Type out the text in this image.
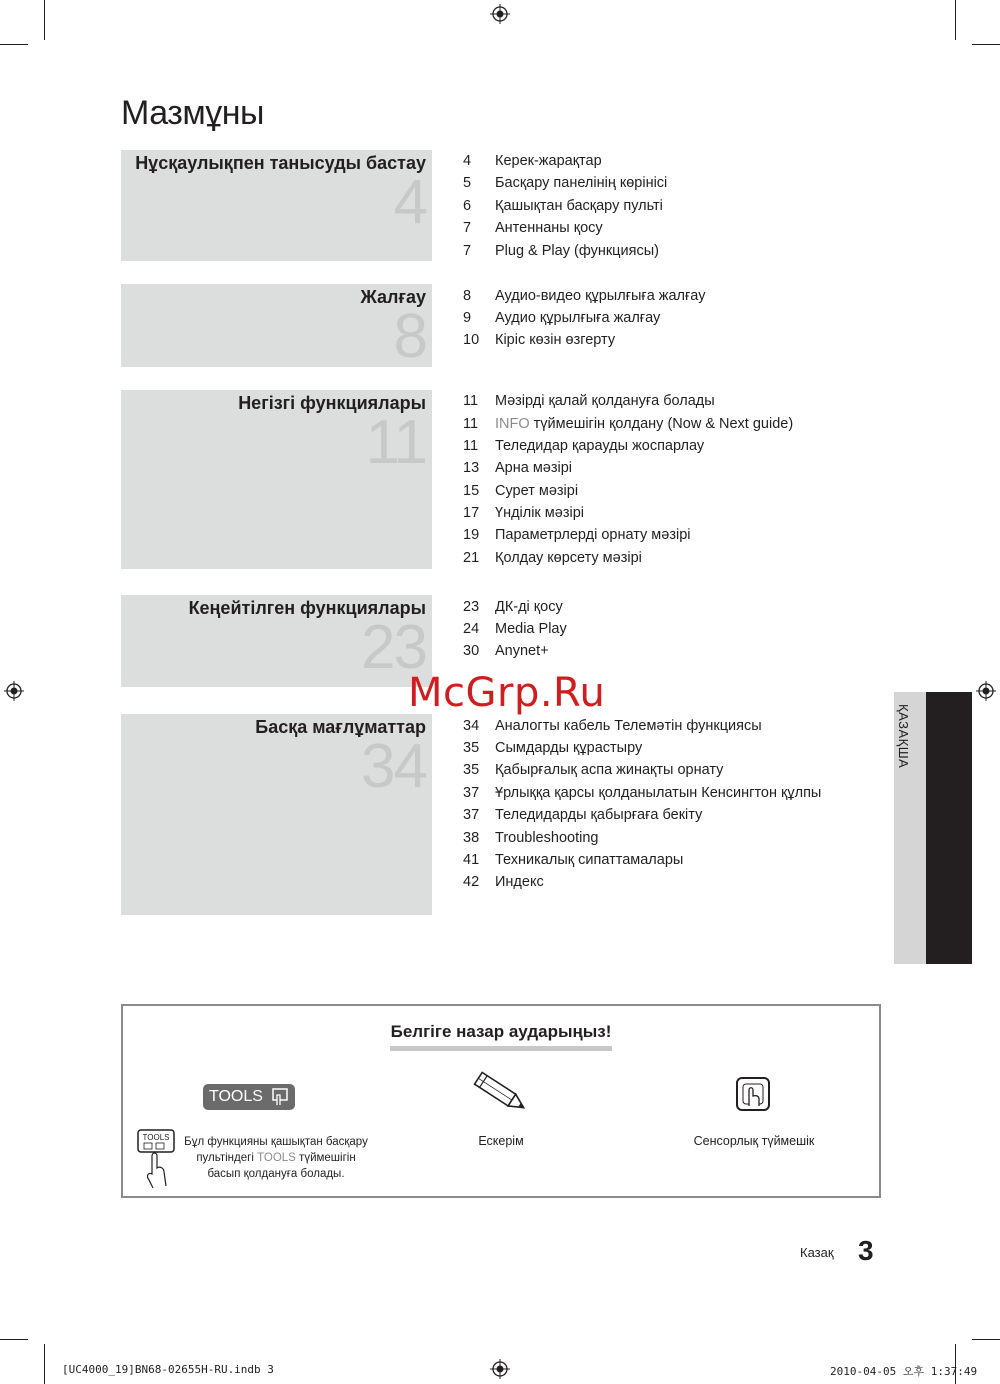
Мазмұны
Нұсқаулықпен танысуды бастау
4
Жалғау
8
Негізгі функциялары
11
Кеңейтілген функциялары
23
Басқа мағлұматтар
34
4 Керек-жарақтар
5 Басқару панелінің көрінісі
6 Қашықтан басқару пульті
7 Антеннаны қосу
7 Plug & Play (функциясы)
8 Аудио-видео құрылғыға жалғау
9 Аудио құрылғыға жалғау
10 Кіріс көзін өзгерту
11 Мәзірді қалай қолдануға болады
11 INFO түймешігін қолдану (Now & Next guide)
11 Теледидар қарауды жоспарлау
13 Арна мәзірі
15 Сурет мәзірі
17 Үнділік мәзірі
19 Параметрлерді орнату мәзірі
21 Қолдау көрсету мәзірі
23 ДК-ді қосу
24 Media Play
30 Anynet+
34 Аналогты кабель Телемәтін функциясы
35 Сымдарды құрастыру
35 Қабырғалық аспа жинақты орнату
37 Ұрлыққа қарсы қолданылатын Кенсингтон құлпы
37 Теледидарды қабырғаға бекіту
38 Troubleshooting
41 Техникалық сипаттамалары
42 Индекс
McGrp.Ru
ҚАЗАҚША
Белгіге назар аударыңыз!
TOOLS
TOOLS Бұл функцияны қашықтан басқару
пультіндегі TOOLS түймешігін
басып қолдануға болады.
Ескерім	Сенсорлық түймешік
Казақ 3
[UC4000_19]BN68-02655H-RU.indb 3	2010-04-05 오후 1:37:49
